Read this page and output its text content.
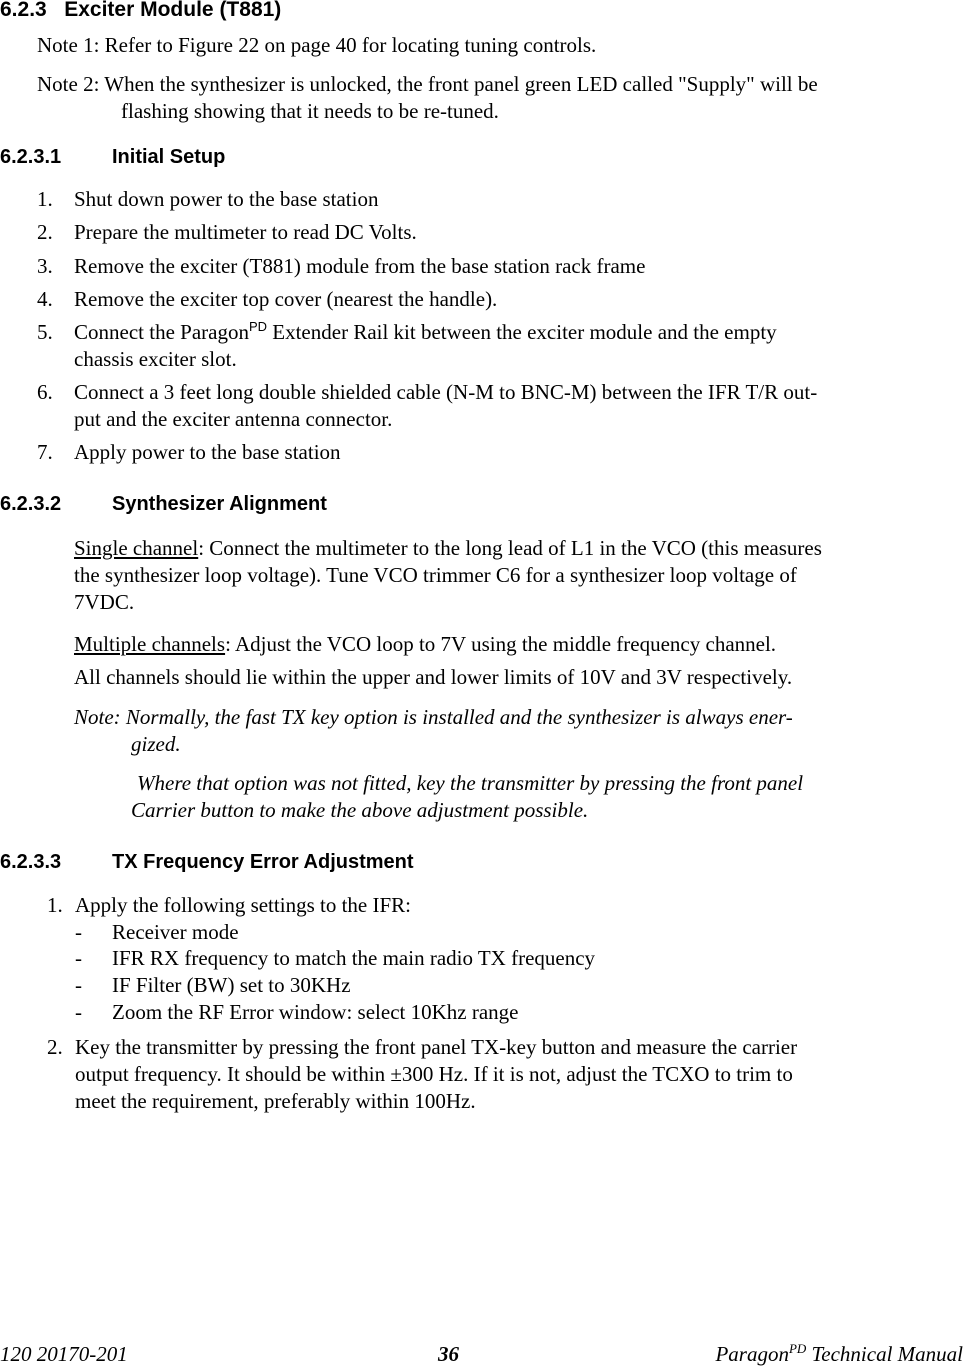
6.2.3 Exciter Module (T881)
Note 1: Refer to Figure 22 on page 40 for locating tuning controls.
Note 2: When the synthesizer is unlocked, the front panel green LED called "Supply" will be
flashing showing that it needs to be re-tuned.
6.2.3.1	Initial Setup
1. Shut down power to the base station
2. Prepare the multimeter to read DC Volts.
3. Remove the exciter (T881) module from the base station rack frame
4. Remove the exciter top cover (nearest the handle).
5. Connect the Paragon$^{PD}$ Extender Rail kit between the exciter module and the empty
chassis exciter slot.
6. Connect a 3 feet long double shielded cable (N-M to BNC-M) between the IFR T/R out-
put and the exciter antenna connector.
7. Apply power to the base station
6.2.3.2	Synthesizer Alignment
Single channel: Connect the multimeter to the long lead of L1 in the VCO (this measures
the synthesizer loop voltage). Tune VCO trimmer C6 for a synthesizer loop voltage of
7VDC.
Multiple channels: Adjust the VCO loop to 7V using the middle frequency channel.
All channels should lie within the upper and lower limits of 10V and 3V respectively.
Note: Normally, the fast TX key option is installed and the synthesizer is always ener-
gized.
Where that option was not fitted, key the transmitter by pressing the front panel
Carrier button to make the above adjustment possible.
6.2.3.3	TX Frequency Error Adjustment
1. Apply the following settings to the IFR:
- Receiver mode
- IFR RX frequency to match the main radio TX frequency
- IF Filter (BW) set to 30KHz
- Zoom the RF Error window: select 10Khz range
2. Key the transmitter by pressing the front panel TX-key button and measure the carrier
output frequency. It should be within ±300 Hz. If it is not, adjust the TCXO to trim to
meet the requirement, preferably within 100Hz.
120 20170-201	36	Paragon$^{PD}$ Technical Manual
